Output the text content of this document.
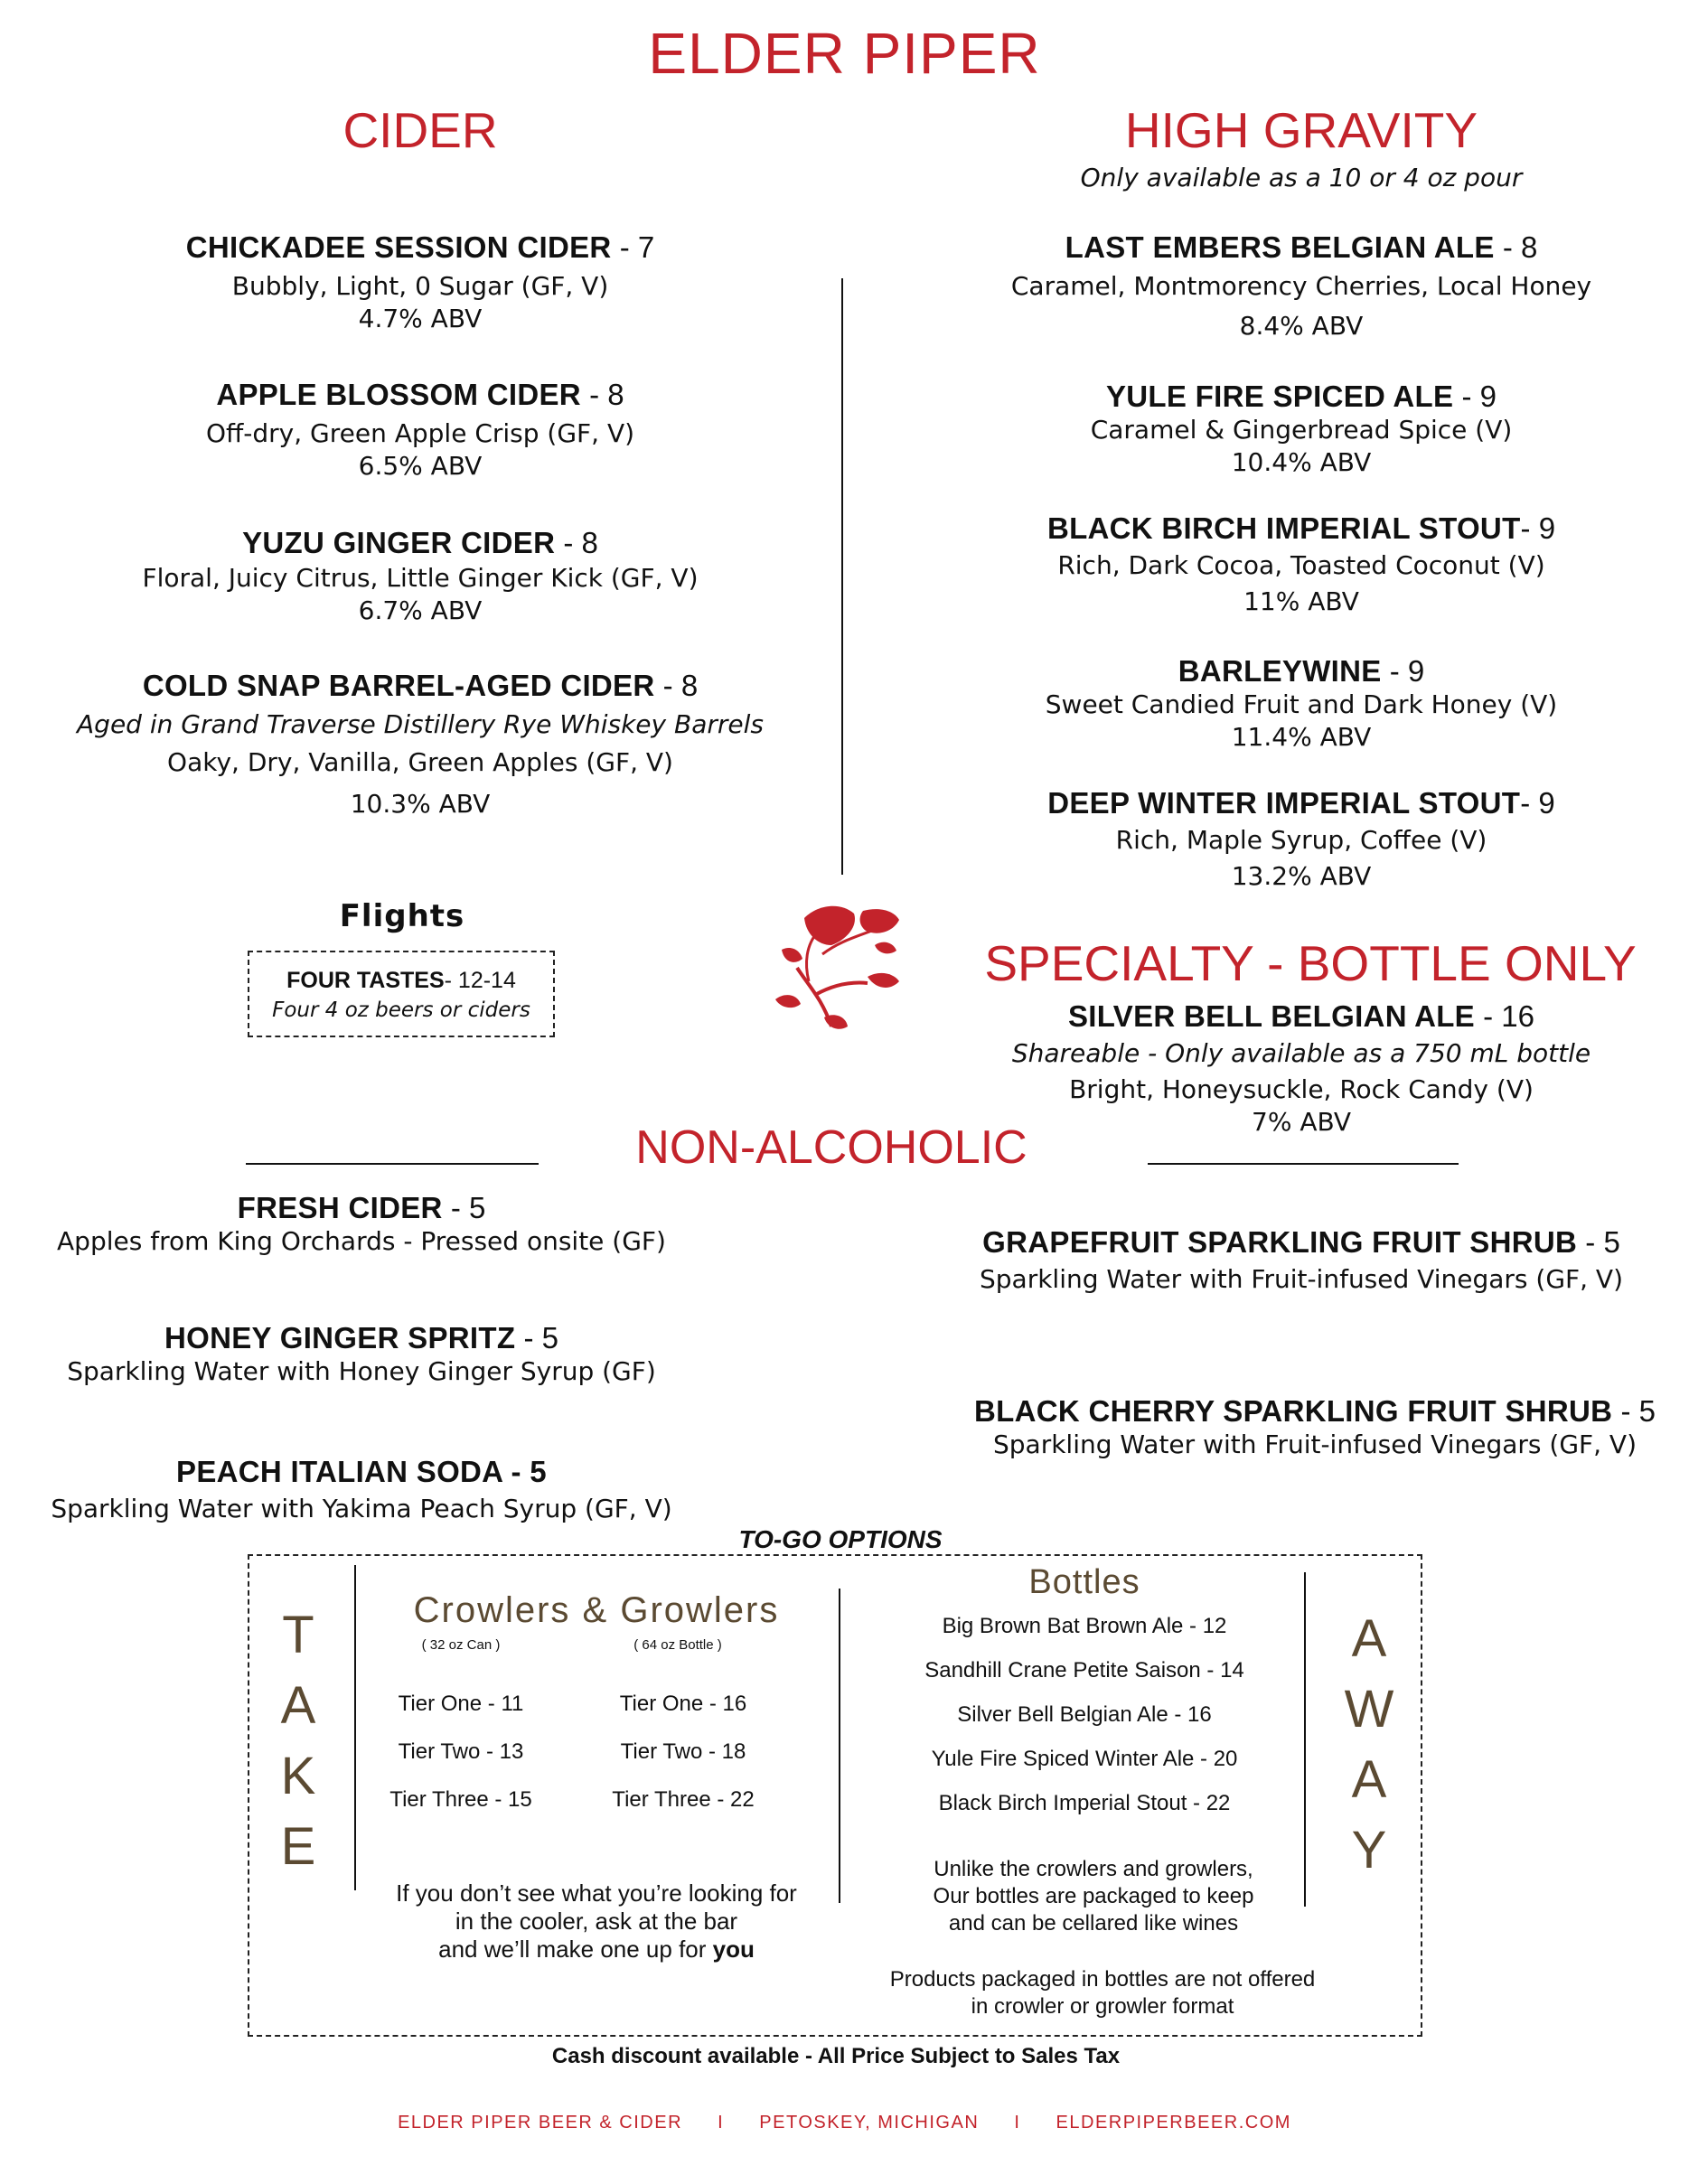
ELDER PIPER
CIDER
CHICKADEE SESSION CIDER - 7
Bubbly, Light, 0 Sugar (GF, V)
4.7% ABV
APPLE BLOSSOM CIDER - 8
Off-dry, Green Apple Crisp (GF, V)
6.5% ABV
YUZU GINGER CIDER - 8
Floral, Juicy Citrus, Little Ginger Kick (GF, V)
6.7% ABV
COLD SNAP BARREL-AGED CIDER - 8
Aged in Grand Traverse Distillery Rye Whiskey Barrels
Oaky, Dry, Vanilla, Green Apples (GF, V)
10.3% ABV
HIGH GRAVITY
Only available as a 10 or 4 oz pour
LAST EMBERS BELGIAN ALE - 8
Caramel, Montmorency Cherries, Local Honey
8.4% ABV
YULE FIRE SPICED ALE - 9
Caramel & Gingerbread Spice (V)
10.4% ABV
BLACK BIRCH IMPERIAL STOUT- 9
Rich, Dark Cocoa, Toasted Coconut (V)
11% ABV
BARLEYWINE - 9
Sweet Candied Fruit and Dark Honey (V)
11.4% ABV
DEEP WINTER IMPERIAL STOUT- 9
Rich, Maple Syrup, Coffee (V)
13.2% ABV
Flights
FOUR TASTES- 12-14
Four 4 oz beers or ciders
SPECIALTY - BOTTLE ONLY
SILVER BELL BELGIAN ALE - 16
Shareable - Only available as a 750 mL bottle
Bright, Honeysuckle, Rock Candy (V)
7% ABV
NON-ALCOHOLIC
FRESH CIDER - 5
Apples from King Orchards - Pressed onsite (GF)
HONEY GINGER SPRITZ - 5
Sparkling Water with Honey Ginger Syrup (GF)
PEACH ITALIAN SODA - 5
Sparkling Water with Yakima Peach Syrup (GF, V)
GRAPEFRUIT SPARKLING FRUIT SHRUB - 5
Sparkling Water with Fruit-infused Vinegars (GF, V)
BLACK CHERRY SPARKLING FRUIT SHRUB - 5
Sparkling Water with Fruit-infused Vinegars (GF, V)
TO-GO OPTIONS
T
A
K
E
Crowlers & Growlers
( 32 oz Can )	( 64 oz Bottle )
Tier One - 11
Tier Two - 13
Tier Three - 15
Tier One - 16
Tier Two - 18
Tier Three - 22
If you don’t see what you’re looking for
in the cooler, ask at the bar
and we’ll make one up for you
Bottles
Big Brown Bat Brown Ale - 12
Sandhill Crane Petite Saison - 14
Silver Bell Belgian Ale - 16
Yule Fire Spiced Winter Ale - 20
Black Birch Imperial Stout - 22
Unlike the crowlers and growlers,
Our bottles are packaged to keep
and can be cellared like wines
Products packaged in bottles are not offered
in crowler or growler format
A
W
A
Y
Cash discount available - All Price Subject to Sales Tax
ELDER PIPER BEER & CIDER I PETOSKEY, MICHIGAN I ELDERPIPERBEER.COM
